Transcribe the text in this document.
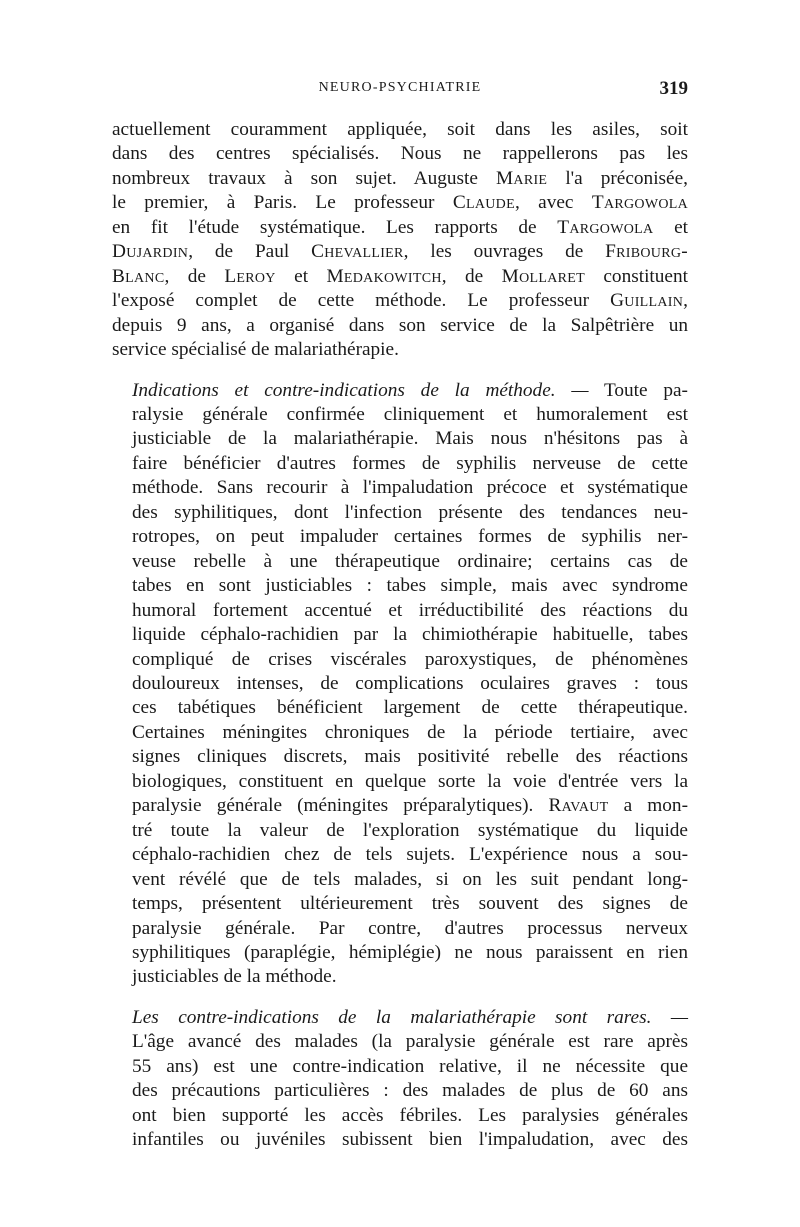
NEURO-PSYCHIATRIE	319

actuellement couramment appliquée, soit dans les asiles, soit
dans des centres spécialisés. Nous ne rappellerons pas les
nombreux travaux à son sujet. Auguste Marie l'a préconisée,
le premier, à Paris. Le professeur Claude, avec Targowola
en fit l'étude systématique. Les rapports de Targowola et
Dujardin, de Paul Chevallier, les ouvrages de Fribourg-
Blanc, de Leroy et Medakowitch, de Mollaret constituent
l'exposé complet de cette méthode. Le professeur Guillain,
depuis 9 ans, a organisé dans son service de la Salpêtrière un
service spécialisé de malariathérapie.

Indications et contre-indications de la méthode. — Toute pa-
ralysie générale confirmée cliniquement et humoralement est
justiciable de la malariathérapie. Mais nous n'hésitons pas à
faire bénéficier d'autres formes de syphilis nerveuse de cette
méthode. Sans recourir à l'impaludation précoce et systématique
des syphilitiques, dont l'infection présente des tendances neu-
rotropes, on peut impaluder certaines formes de syphilis ner-
veuse rebelle à une thérapeutique ordinaire; certains cas de
tabes en sont justiciables : tabes simple, mais avec syndrome
humoral fortement accentué et irréductibilité des réactions du
liquide céphalo-rachidien par la chimiothérapie habituelle, tabes
compliqué de crises viscérales paroxystiques, de phénomènes
douloureux intenses, de complications oculaires graves : tous
ces tabétiques bénéficient largement de cette thérapeutique.
Certaines méningites chroniques de la période tertiaire, avec
signes cliniques discrets, mais positivité rebelle des réactions
biologiques, constituent en quelque sorte la voie d'entrée vers la
paralysie générale (méningites préparalytiques). Ravaut a mon-
tré toute la valeur de l'exploration systématique du liquide
céphalo-rachidien chez de tels sujets. L'expérience nous a sou-
vent révélé que de tels malades, si on les suit pendant long-
temps, présentent ultérieurement très souvent des signes de
paralysie générale. Par contre, d'autres processus nerveux
syphilitiques (paraplégie, hémiplégie) ne nous paraissent en rien
justiciables de la méthode.

Les contre-indications de la malariathérapie sont rares. —
L'âge avancé des malades (la paralysie générale est rare après
55 ans) est une contre-indication relative, il ne nécessite que
des précautions particulières : des malades de plus de 60 ans
ont bien supporté les accès fébriles. Les paralysies générales
infantiles ou juvéniles subissent bien l'impaludation, avec des
